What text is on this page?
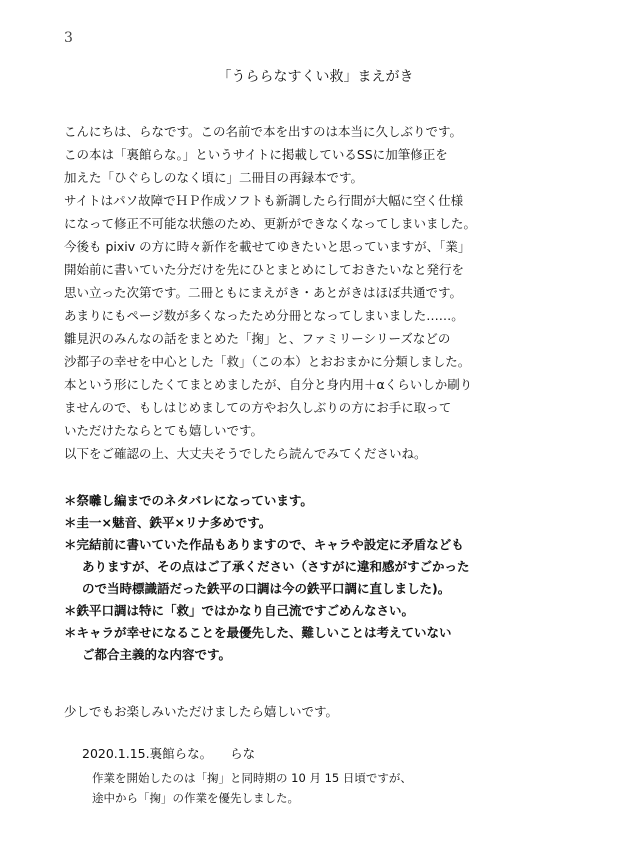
3
「うららなすくい救」まえがき
こんにちは、らなです。この名前で本を出すのは本当に久しぶりです。
この本は「裏館らな。」というサイトに掲載しているSSに加筆修正を
加えた「ひぐらしのなく頃に」二冊目の再録本です。
サイトはパソ故障でＨＰ作成ソフトも新調したら行間が大幅に空く仕様
になって修正不可能な状態のため、更新ができなくなってしまいました。
今後も pixiv の方に時々新作を載せてゆきたいと思っていますが、「業」
開始前に書いていた分だけを先にひとまとめにしておきたいなと発行を
思い立った次第です。二冊ともにまえがき・あとがきはほぼ共通です。
あまりにもページ数が多くなったため分冊となってしまいました……。
雛見沢のみんなの話をまとめた「掬」と、ファミリーシリーズなどの
沙都子の幸せを中心とした「救」（この本）とおおまかに分類しました。
本という形にしたくてまとめましたが、自分と身内用＋αくらいしか刷り
ませんので、もしはじめましての方やお久しぶりの方にお手に取って
いただけたならとても嬉しいです。
以下をご確認の上、大丈夫そうでしたら読んでみてくださいね。
＊祭囃し編までのネタバレになっています。
＊圭一×魅音、鉄平×リナ多めです。
＊完結前に書いていた作品もありますので、キャラや設定に矛盾なども
ありますが、その点はご了承ください（さすがに違和感がすごかった
ので当時標識語だった鉄平の口調は今の鉄平口調に直しました)。
＊鉄平口調は特に「救」ではかなり自己流ですごめんなさい。
＊キャラが幸せになることを最優先した、難しいことは考えていない
ご都合主義的な内容です。
少しでもお楽しみいただけましたら嬉しいです。
2020.1.15.裏館らな。 らな
作業を開始したのは「掬」と同時期の 10 月 15 日頃ですが、
途中から「掬」の作業を優先しました。
